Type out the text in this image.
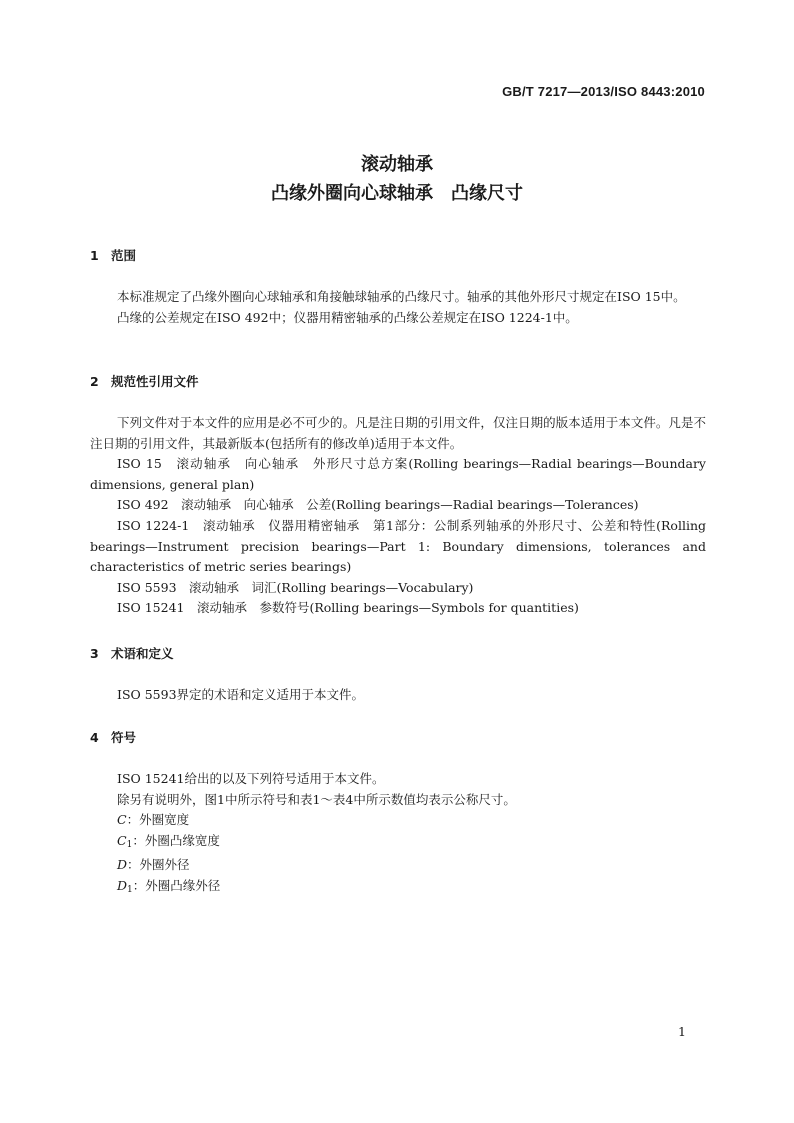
GB/T 7217—2013/ISO 8443:2010
滚动轴承
凸缘外圈向心球轴承　凸缘尺寸
1 范围

本标准规定了凸缘外圈向心球轴承和角接触球轴承的凸缘尺寸。轴承的其他外形尺寸规定在ISO 15中。

凸缘的公差规定在ISO 492中；仪器用精密轴承的凸缘公差规定在ISO 1224-1中。

2 规范性引用文件

下列文件对于本文件的应用是必不可少的。凡是注日期的引用文件，仅注日期的版本适用于本文件。凡是不注日期的引用文件，其最新版本(包括所有的修改单)适用于本文件。

ISO 15　滚动轴承　向心轴承　外形尺寸总方案(Rolling bearings—Radial bearings—Boundary dimensions, general plan)

ISO 492　滚动轴承　向心轴承　公差(Rolling bearings—Radial bearings—Tolerances)

ISO 1224-1　滚动轴承　仪器用精密轴承　第1部分：公制系列轴承的外形尺寸、公差和特性(Rolling bearings—Instrument precision bearings—Part 1: Boundary dimensions, tolerances and characteristics of metric series bearings)

ISO 5593　滚动轴承　词汇(Rolling bearings—Vocabulary)

ISO 15241　滚动轴承　参数符号(Rolling bearings—Symbols for quantities)

3 术语和定义

ISO 5593界定的术语和定义适用于本文件。

4 符号

ISO 15241给出的以及下列符号适用于本文件。

除另有说明外，图1中所示符号和表1～表4中所示数值均表示公称尺寸。

C：外圈宽度

$C_1$：外圈凸缘宽度

D：外圈外径

$D_1$：外圈凸缘外径

1
